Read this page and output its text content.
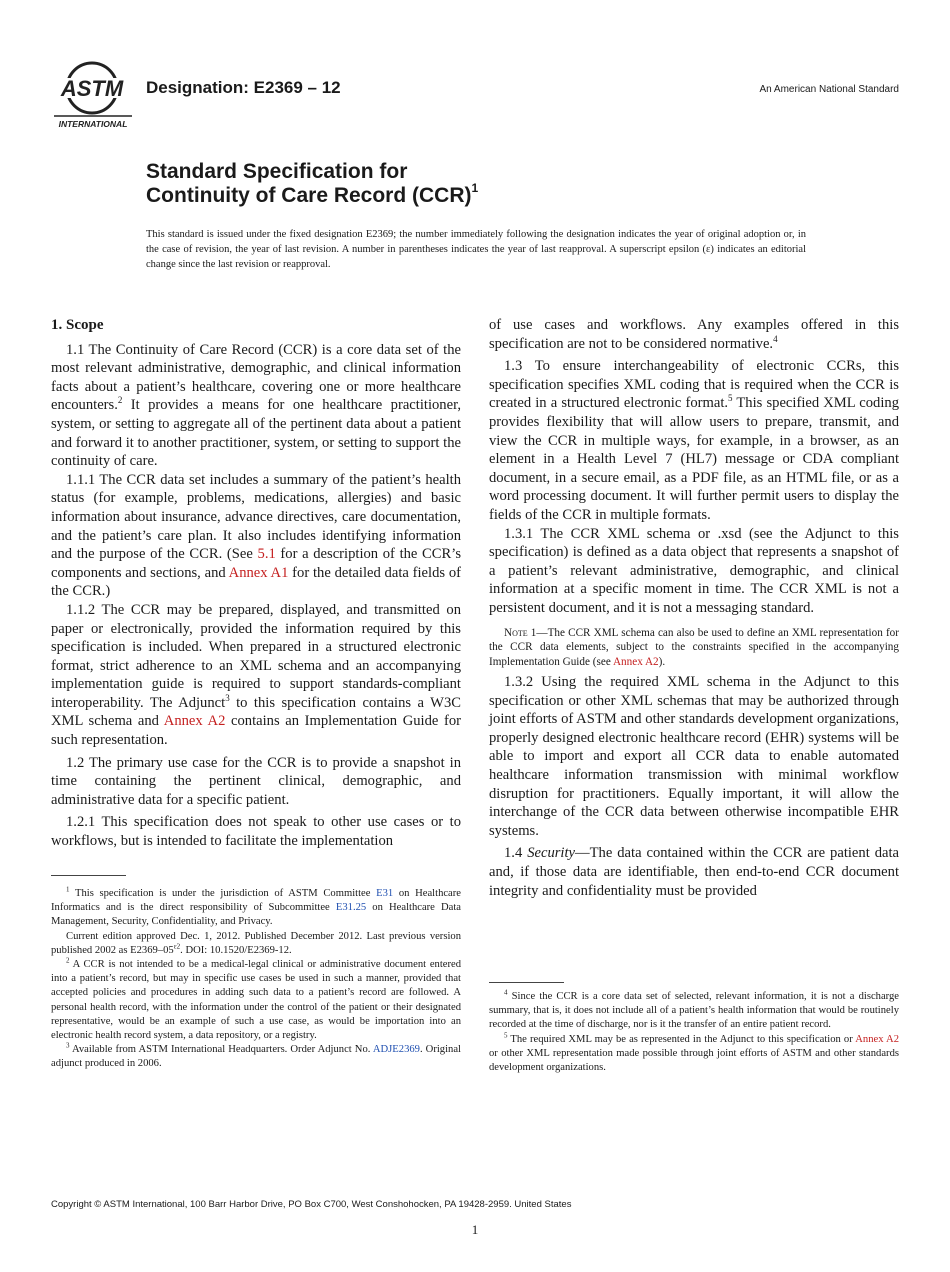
ASTM
INTERNATIONAL
Designation: E2369 – 12	An American National Standard
Standard Specification for
Continuity of Care Record (CCR)$^1$
This standard is issued under the fixed designation E2369; the number immediately following the designation indicates the year of original adoption or, in the case of revision, the year of last revision. A number in parentheses indicates the year of last reapproval. A superscript epsilon (ε) indicates an editorial change since the last revision or reapproval.
1. Scope

1.1 The Continuity of Care Record (CCR) is a core data set of the most relevant administrative, demographic, and clinical information facts about a patient’s healthcare, covering one or more healthcare encounters.$^2$ It provides a means for one healthcare practitioner, system, or setting to aggregate all of the pertinent data about a patient and forward it to another practitioner, system, or setting to support the continuity of care.

1.1.1 The CCR data set includes a summary of the patient’s health status (for example, problems, medications, allergies) and basic information about insurance, advance directives, care documentation, and the patient’s care plan. It also includes identifying information and the purpose of the CCR. (See 5.1 for a description of the CCR’s components and sections, and Annex A1 for the detailed data fields of the CCR.)

1.1.2 The CCR may be prepared, displayed, and transmitted on paper or electronically, provided the information required by this specification is included. When prepared in a structured electronic format, strict adherence to an XML schema and an accompanying implementation guide is required to support standards-compliant interoperability. The Adjunct$^3$ to this specification contains a W3C XML schema and Annex A2 contains an Implementation Guide for such representation.

1.2 The primary use case for the CCR is to provide a snapshot in time containing the pertinent clinical, demographic, and administrative data for a specific patient.

1.2.1 This specification does not speak to other use cases or to workflows, but is intended to facilitate the implementation

of use cases and workflows. Any examples offered in this specification are not to be considered normative.$^4$

1.3 To ensure interchangeability of electronic CCRs, this specification specifies XML coding that is required when the CCR is created in a structured electronic format.$^5$ This specified XML coding provides flexibility that will allow users to prepare, transmit, and view the CCR in multiple ways, for example, in a browser, as an element in a Health Level 7 (HL7) message or CDA compliant document, in a secure email, as a PDF file, as an HTML file, or as a word processing document. It will further permit users to display the fields of the CCR in multiple formats.

1.3.1 The CCR XML schema or .xsd (see the Adjunct to this specification) is defined as a data object that represents a snapshot of a patient’s relevant administrative, demographic, and clinical information at a specific moment in time. The CCR XML is not a persistent document, and it is not a messaging standard.

Note 1—The CCR XML schema can also be used to define an XML representation for the CCR data elements, subject to the constraints specified in the accompanying Implementation Guide (see Annex A2).

1.3.2 Using the required XML schema in the Adjunct to this specification or other XML schemas that may be authorized through joint efforts of ASTM and other standards development organizations, properly designed electronic healthcare record (EHR) systems will be able to import and export all CCR data to enable automated healthcare information transmission with minimal workflow disruption for practitioners. Equally important, it will allow the interchange of the CCR data between otherwise incompatible EHR systems.

1.4 Security—The data contained within the CCR are patient data and, if those data are identifiable, then end-to-end CCR document integrity and confidentiality must be provided

$^1$ This specification is under the jurisdiction of ASTM Committee E31 on Healthcare Informatics and is the direct responsibility of Subcommittee E31.25 on Healthcare Data Management, Security, Confidentiality, and Privacy.

Current edition approved Dec. 1, 2012. Published December 2012. Last previous version published 2002 as $E2369-05^{\varepsilon 2}$. DOI: 10.1520/E2369-12.

$^2$ A CCR is not intended to be a medical-legal clinical or administrative document entered into a patient’s record, but may in specific use cases be used in such a manner, provided that accepted policies and procedures in adding such data to a patient’s record are followed. A personal health record, with the information under the control of the patient or their designated representative, would be an example of such a use case, as would be importation into an electronic health record system, a data repository, or a registry.

$^3$ Available from ASTM International Headquarters. Order Adjunct No. ADJE2369. Original adjunct produced in 2006.

$^4$ Since the CCR is a core data set of selected, relevant information, it is not a discharge summary, that is, it does not include all of a patient’s health information that would be routinely recorded at the time of discharge, nor is it the transfer of an entire patient record.

$^5$ The required XML may be as represented in the Adjunct to this specification or Annex A2 or other XML representation made possible through joint efforts of ASTM and other standards development organizations.

Copyright © ASTM International, 100 Barr Harbor Drive, PO Box C700, West Conshohocken, PA 19428-2959. United States
1
